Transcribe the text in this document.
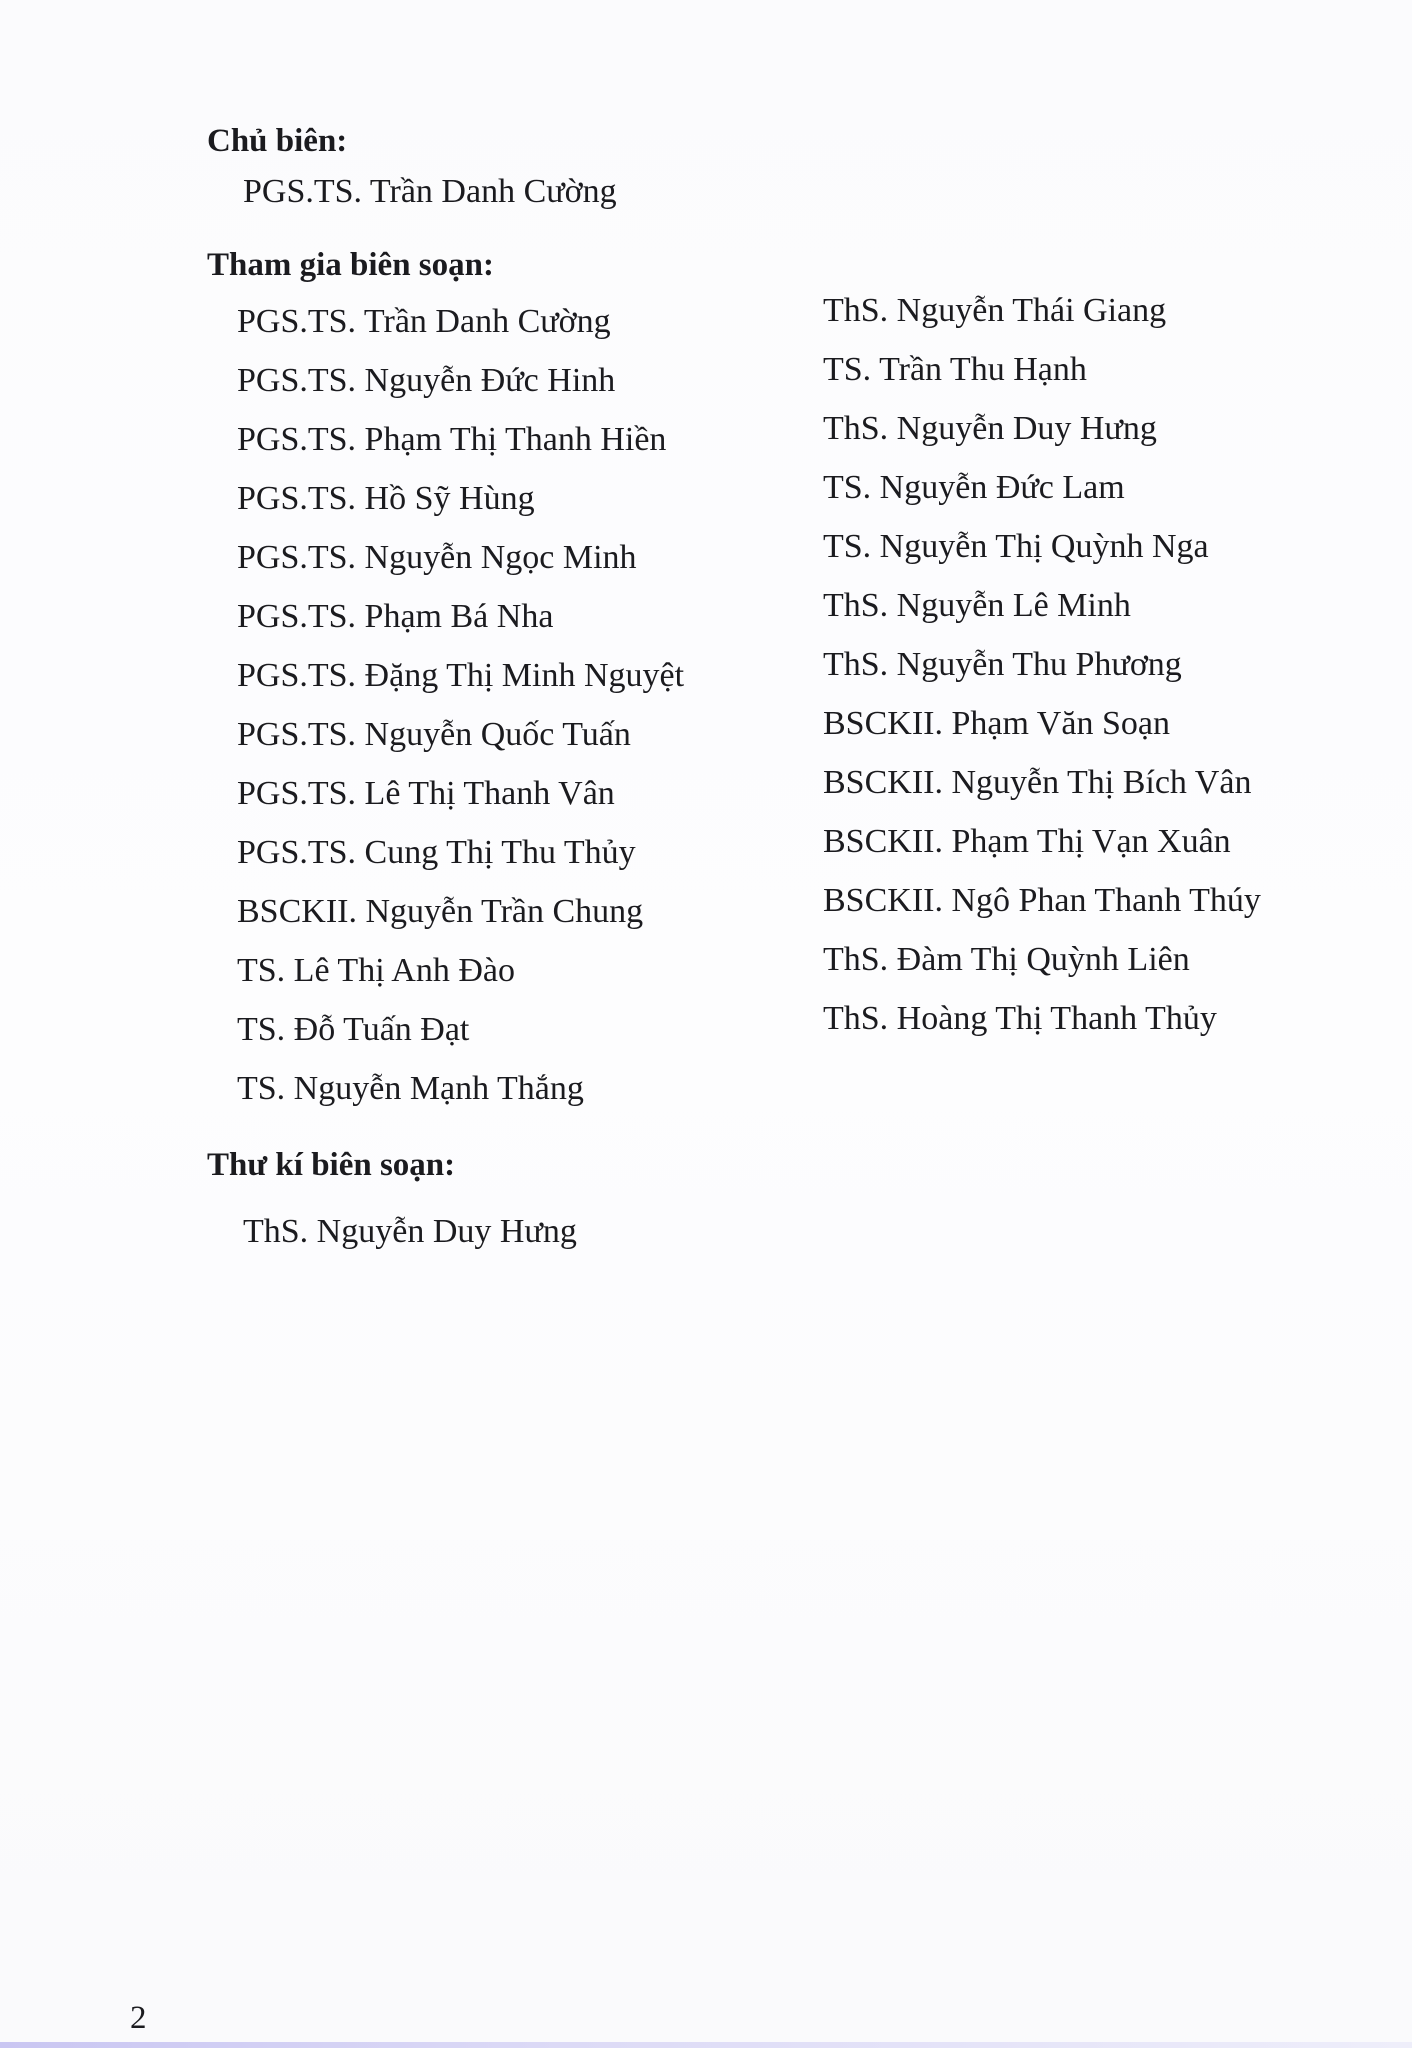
Chủ biên:
PGS.TS. Trần Danh Cường
Tham gia biên soạn:
PGS.TS. Trần Danh Cường
PGS.TS. Nguyễn Đức Hinh
PGS.TS. Phạm Thị Thanh Hiền
PGS.TS. Hồ Sỹ Hùng
PGS.TS. Nguyễn Ngọc Minh
PGS.TS. Phạm Bá Nha
PGS.TS. Đặng Thị Minh Nguyệt
PGS.TS. Nguyễn Quốc Tuấn
PGS.TS. Lê Thị Thanh Vân
PGS.TS. Cung Thị Thu Thủy
BSCKII. Nguyễn Trần Chung
TS. Lê Thị Anh Đào
TS. Đỗ Tuấn Đạt
TS. Nguyễn Mạnh Thắng
ThS. Nguyễn Thái Giang
TS. Trần Thu Hạnh
ThS. Nguyễn Duy Hưng
TS. Nguyễn Đức Lam
TS. Nguyễn Thị Quỳnh Nga
ThS. Nguyễn Lê Minh
ThS. Nguyễn Thu Phương
BSCKII. Phạm Văn Soạn
BSCKII. Nguyễn Thị Bích Vân
BSCKII. Phạm Thị Vạn Xuân
BSCKII. Ngô Phan Thanh Thúy
ThS. Đàm Thị Quỳnh Liên
ThS. Hoàng Thị Thanh Thủy
Thư kí biên soạn:
ThS. Nguyễn Duy Hưng
2
